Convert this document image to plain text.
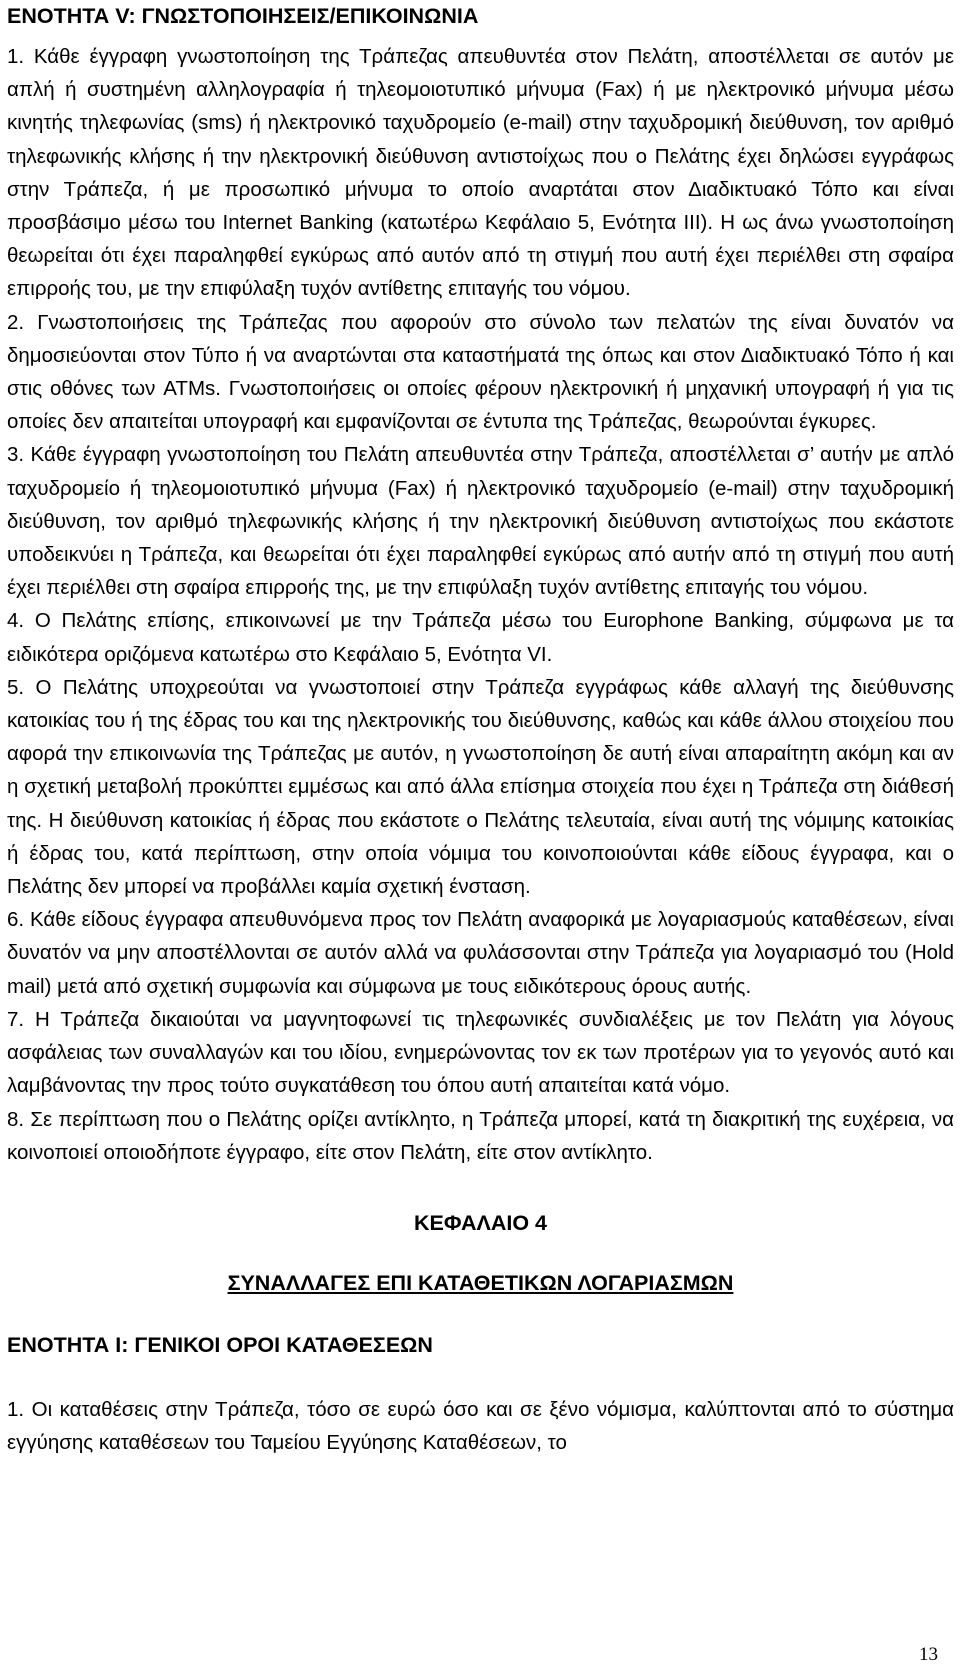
ΕΝΟΤΗΤΑ V: ΓΝΩΣΤΟΠΟΙΗΣΕΙΣ/ΕΠΙΚΟΙΝΩΝΙΑ

1. Κάθε έγγραφη γνωστοποίηση της Τράπεζας απευθυντέα στον Πελάτη, αποστέλλεται σε αυτόν με απλή ή συστημένη αλληλογραφία ή τηλεομοιοτυπικό μήνυμα (Fax) ή με ηλεκτρονικό μήνυμα μέσω κινητής τηλεφωνίας (sms) ή ηλεκτρονικό ταχυδρομείο (e-mail) στην ταχυδρομική διεύθυνση, τον αριθμό τηλεφωνικής κλήσης ή την ηλεκτρονική διεύθυνση αντιστοίχως που ο Πελάτης έχει δηλώσει εγγράφως στην Τράπεζα, ή με προσωπικό μήνυμα το οποίο αναρτάται στον Διαδικτυακό Τόπο και είναι προσβάσιμο μέσω του Internet Banking (κατωτέρω Κεφάλαιο 5, Ενότητα ΙΙΙ). Η ως άνω γνωστοποίηση θεωρείται ότι έχει παραληφθεί εγκύρως από αυτόν από τη στιγμή που αυτή έχει περιέλθει στη σφαίρα επιρροής του, με την επιφύλαξη τυχόν αντίθετης επιταγής του νόμου.

2. Γνωστοποιήσεις της Τράπεζας που αφορούν στο σύνολο των πελατών της είναι δυνατόν να δημοσιεύονται στον Τύπο ή να αναρτώνται στα καταστήματά της όπως και στον Διαδικτυακό Τόπο ή και στις οθόνες των ATMs. Γνωστοποιήσεις οι οποίες φέρουν ηλεκτρονική ή μηχανική υπογραφή ή για τις οποίες δεν απαιτείται υπογραφή και εμφανίζονται σε έντυπα της Τράπεζας, θεωρούνται έγκυρες.

3. Κάθε έγγραφη γνωστοποίηση του Πελάτη απευθυντέα στην Τράπεζα, αποστέλλεται σ’ αυτήν με απλό ταχυδρομείο ή τηλεομοιοτυπικό μήνυμα (Fax) ή ηλεκτρονικό ταχυδρομείο (e-mail) στην ταχυδρομική διεύθυνση, τον αριθμό τηλεφωνικής κλήσης ή την ηλεκτρονική διεύθυνση αντιστοίχως που εκάστοτε υποδεικνύει η Τράπεζα, και θεωρείται ότι έχει παραληφθεί εγκύρως από αυτήν από τη στιγμή που αυτή έχει περιέλθει στη σφαίρα επιρροής της, με την επιφύλαξη τυχόν αντίθετης επιταγής του νόμου.

4. Ο Πελάτης επίσης, επικοινωνεί με την Τράπεζα μέσω του Europhone Banking, σύμφωνα με τα ειδικότερα οριζόμενα κατωτέρω στο Κεφάλαιο 5, Ενότητα VI.

5. Ο Πελάτης υποχρεούται να γνωστοποιεί στην Τράπεζα εγγράφως κάθε αλλαγή της διεύθυνσης κατοικίας του ή της έδρας του και της ηλεκτρονικής του διεύθυνσης, καθώς και κάθε άλλου στοιχείου που αφορά την επικοινωνία της Τράπεζας με αυτόν, η γνωστοποίηση δε αυτή είναι απαραίτητη ακόμη και αν η σχετική μεταβολή προκύπτει εμμέσως και από άλλα επίσημα στοιχεία που έχει η Τράπεζα στη διάθεσή της. Η διεύθυνση κατοικίας ή έδρας που εκάστοτε ο Πελάτης τελευταία, είναι αυτή της νόμιμης κατοικίας ή έδρας του, κατά περίπτωση, στην οποία νόμιμα του κοινοποιούνται κάθε είδους έγγραφα, και ο Πελάτης δεν μπορεί να προβάλλει καμία σχετική ένσταση.

6. Κάθε είδους έγγραφα απευθυνόμενα προς τον Πελάτη αναφορικά με λογαριασμούς καταθέσεων, είναι δυνατόν να μην αποστέλλονται σε αυτόν αλλά να φυλάσσονται στην Τράπεζα για λογαριασμό του (Hold mail) μετά από σχετική συμφωνία και σύμφωνα με τους ειδικότερους όρους αυτής.

7. Η Τράπεζα δικαιούται να μαγνητοφωνεί τις τηλεφωνικές συνδιαλέξεις με τον Πελάτη για λόγους ασφάλειας των συναλλαγών και του ιδίου, ενημερώνοντας τον εκ των προτέρων για το γεγονός αυτό και λαμβάνοντας την προς τούτο συγκατάθεση του όπου αυτή απαιτείται κατά νόμο.

8. Σε περίπτωση που ο Πελάτης ορίζει αντίκλητο, η Τράπεζα μπορεί, κατά τη διακριτική της ευχέρεια, να κοινοποιεί οποιοδήποτε έγγραφο, είτε στον Πελάτη, είτε στον αντίκλητο.

ΚΕΦΑΛΑΙΟ 4

ΣΥΝΑΛΛΑΓΕΣ ΕΠΙ ΚΑΤΑΘΕΤΙΚΩΝ ΛΟΓΑΡΙΑΣΜΩΝ

ΕΝΟΤΗΤΑ Ι: ΓΕΝΙΚΟΙ ΟΡΟΙ ΚΑΤΑΘΕΣΕΩΝ

1. Οι καταθέσεις στην Τράπεζα, τόσο σε ευρώ όσο και σε ξένο νόμισμα, καλύπτονται από το σύστημα εγγύησης καταθέσεων του Ταμείου Εγγύησης Καταθέσεων, το

13
